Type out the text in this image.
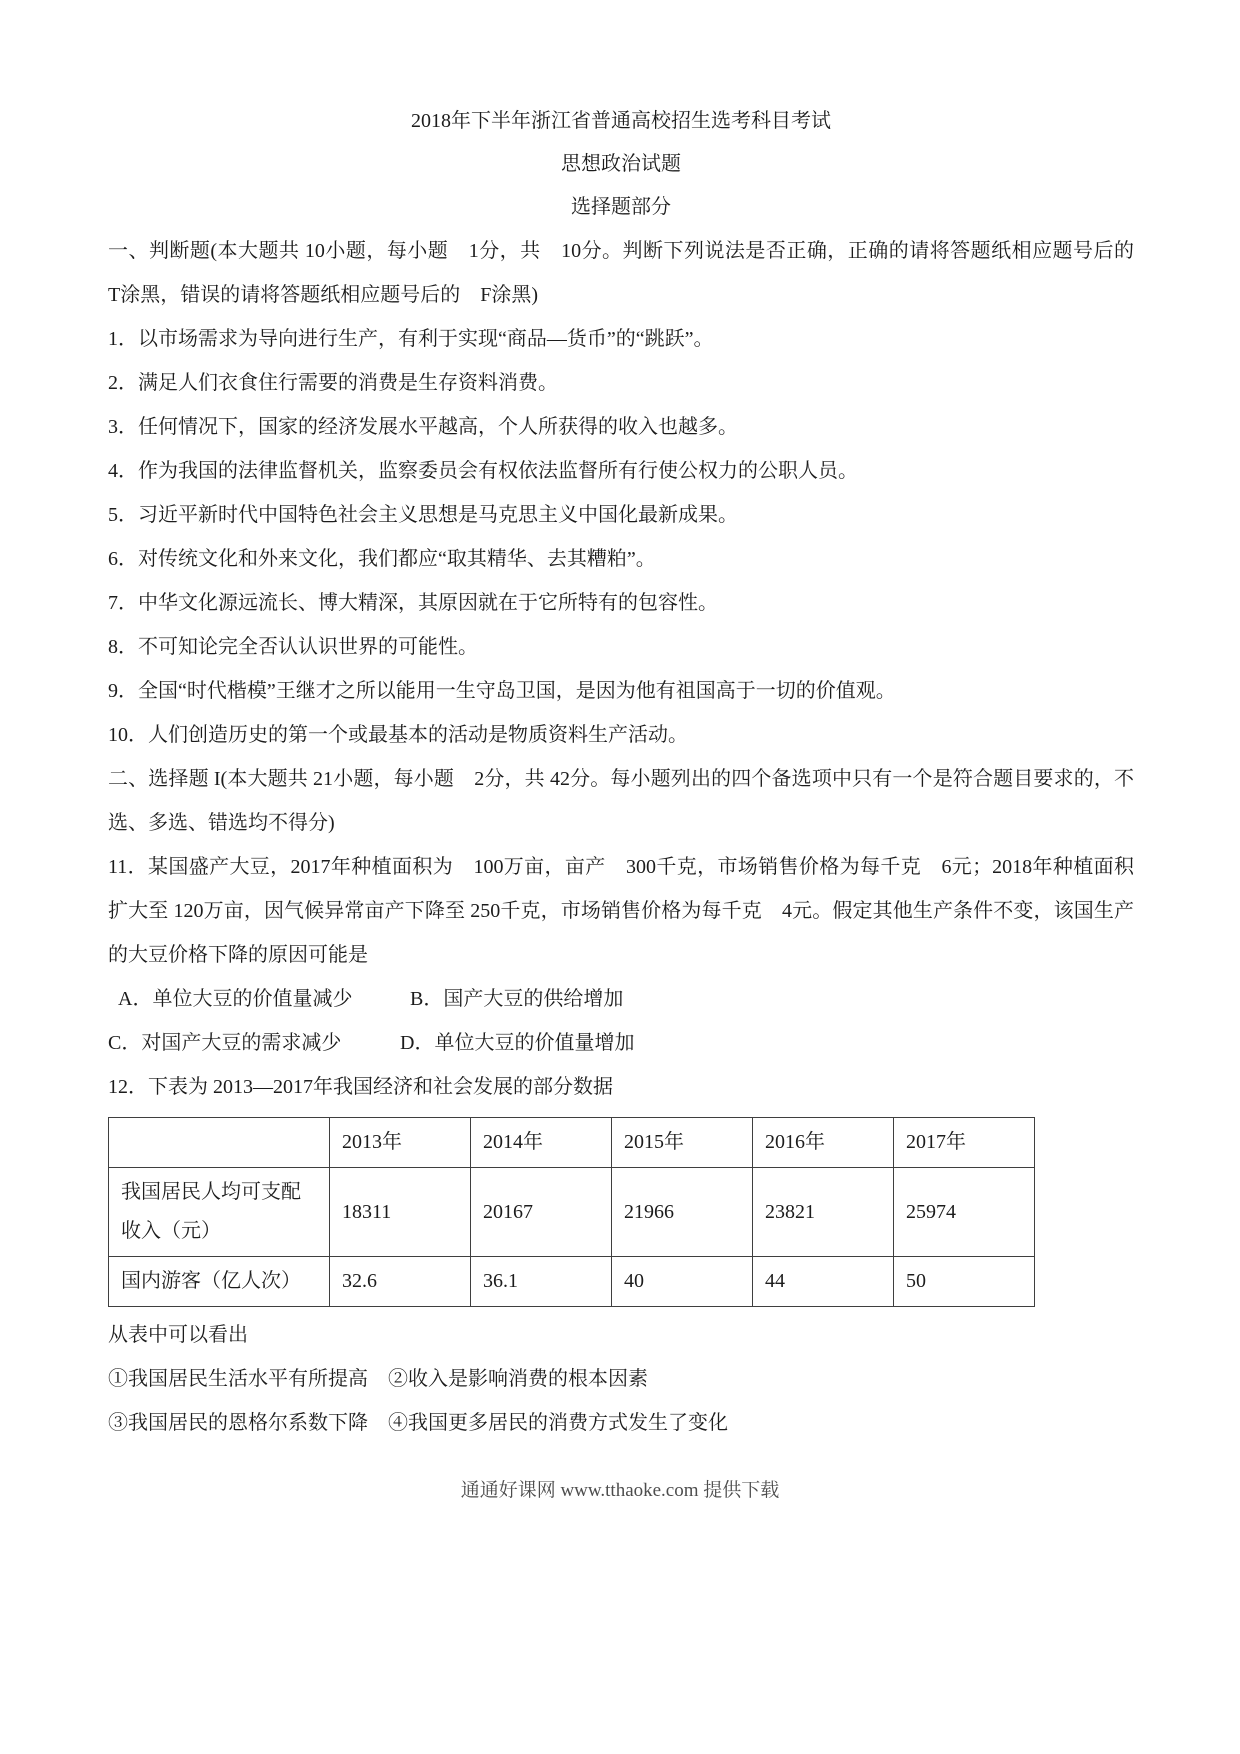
2018年下半年浙江省普通高校招生选考科目考试

思想政治试题

选择题部分

一、判断题(本大题共 10小题，每小题　1分，共　10分。判断下列说法是否正确，正确的请将答题纸相应题号后的　T涂黑，错误的请将答题纸相应题号后的　F涂黑)

1．以市场需求为导向进行生产，有利于实现“商品—货币”的“跳跃”。

2．满足人们衣食住行需要的消费是生存资料消费。

3．任何情况下，国家的经济发展水平越高，个人所获得的收入也越多。

4．作为我国的法律监督机关，监察委员会有权依法监督所有行使公权力的公职人员。

5．习近平新时代中国特色社会主义思想是马克思主义中国化最新成果。

6．对传统文化和外来文化，我们都应“取其精华、去其糟粕”。

7．中华文化源远流长、博大精深，其原因就在于它所特有的包容性。

8．不可知论完全否认认识世界的可能性。

9．全国“时代楷模”王继才之所以能用一生守岛卫国，是因为他有祖国高于一切的价值观。

10．人们创造历史的第一个或最基本的活动是物质资料生产活动。

二、选择题 I(本大题共 21小题，每小题　2分，共 42分。每小题列出的四个备选项中只有一个是符合题目要求的，不选、多选、错选均不得分)

11．某国盛产大豆，2017年种植面积为　100万亩，亩产　300千克，市场销售价格为每千克　6元；2018年种植面积扩大至 120万亩，因气候异常亩产下降至 250千克，市场销售价格为每千克　4元。假定其他生产条件不变，该国生产的大豆价格下降的原因可能是

A．单位大豆的价值量减少	B．国产大豆的供给增加
C．对国产大豆的需求减少	D．单位大豆的价值量增加

12．下表为 2013—2017年我国经济和社会发展的部分数据

	2013年	2014年	2015年	2016年	2017年
我国居民人均可支配收入（元）	18311	20167	21966	23821	25974
国内游客（亿人次）	32.6	36.1	40	44	50

从表中可以看出

①我国居民生活水平有所提高　②收入是影响消费的根本因素

③我国居民的恩格尔系数下降　④我国更多居民的消费方式发生了变化

通通好课网 www.tthaoke.com 提供下载
